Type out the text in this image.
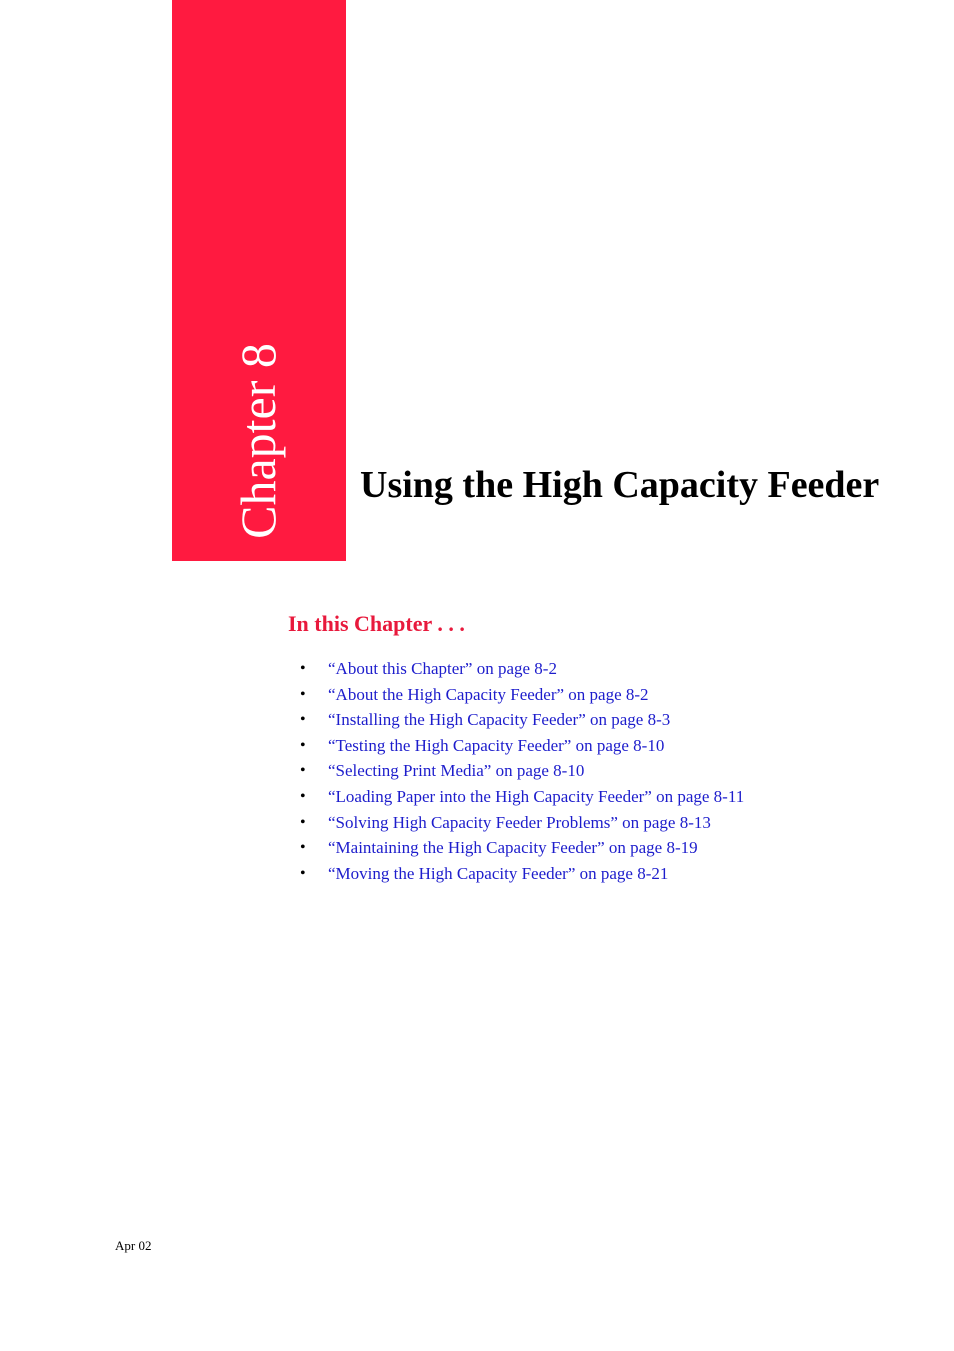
Chapter 8 Using the High Capacity Feeder
In this Chapter . . .
• “About this Chapter” on page 8-2
• “About the High Capacity Feeder” on page 8-2
• “Installing the High Capacity Feeder” on page 8-3
• “Testing the High Capacity Feeder” on page 8-10
• “Selecting Print Media” on page 8-10
• “Loading Paper into the High Capacity Feeder” on page 8-11
• “Solving High Capacity Feeder Problems” on page 8-13
• “Maintaining the High Capacity Feeder” on page 8-19
• “Moving the High Capacity Feeder” on page 8-21
Apr 02
